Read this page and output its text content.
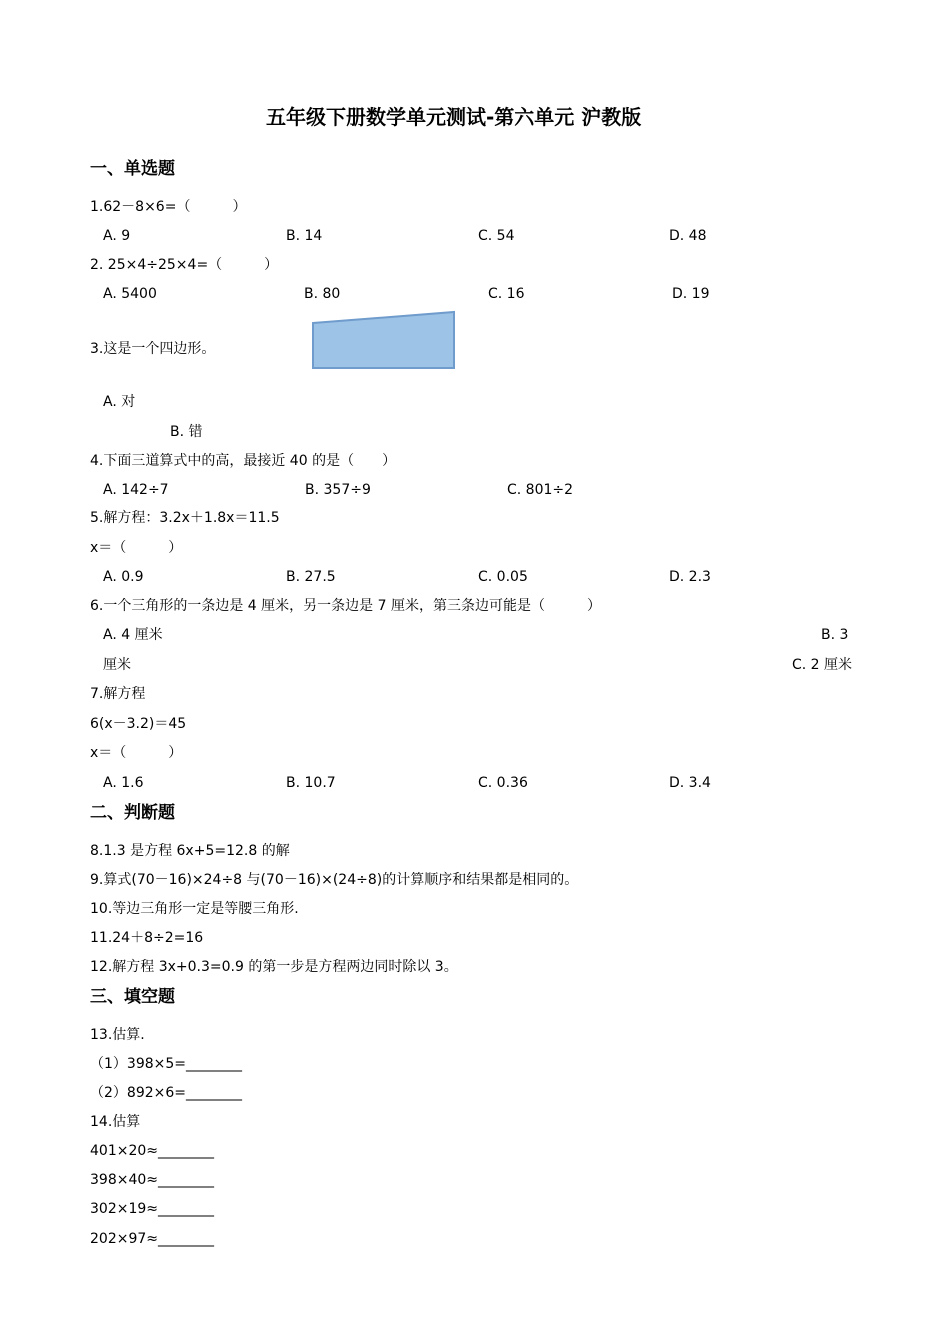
五年级下册数学单元测试-第六单元 沪教版
一、单选题
1.62－8×6=（　　　）
A. 9	B. 14	C. 54	D. 48
2. 25×4÷25×4=（　　　）
A. 5400	B. 80	C. 16	D. 19
3.这是一个四边形。
A. 对
B. 错
4.下面三道算式中的高，最接近 40 的是（　　）
A. 142÷7	B. 357÷9	C. 801÷2
5.解方程：3.2x＋1.8x＝11.5
x＝（　　　）
A. 0.9	B. 27.5	C. 0.05	D. 2.3
6.一个三角形的一条边是 4 厘米，另一条边是 7 厘米，第三条边可能是（　　　）
A. 4 厘米	B. 3
厘米	C. 2 厘米
7.解方程
6(x－3.2)＝45
x＝（　　　）
A. 1.6	B. 10.7	C. 0.36	D. 3.4
二、判断题
8.1.3 是方程 6x+5=12.8 的解
9.算式(70－16)×24÷8 与(70－16)×(24÷8)的计算顺序和结果都是相同的。
10.等边三角形一定是等腰三角形.
11.24＋8÷2=16
12.解方程 3x+0.3=0.9 的第一步是方程两边同时除以 3。
三、填空题
13.估算.
（1）398×5=________
（2）892×6=________
14.估算
401×20≈________
398×40≈________
302×19≈________
202×97≈________
